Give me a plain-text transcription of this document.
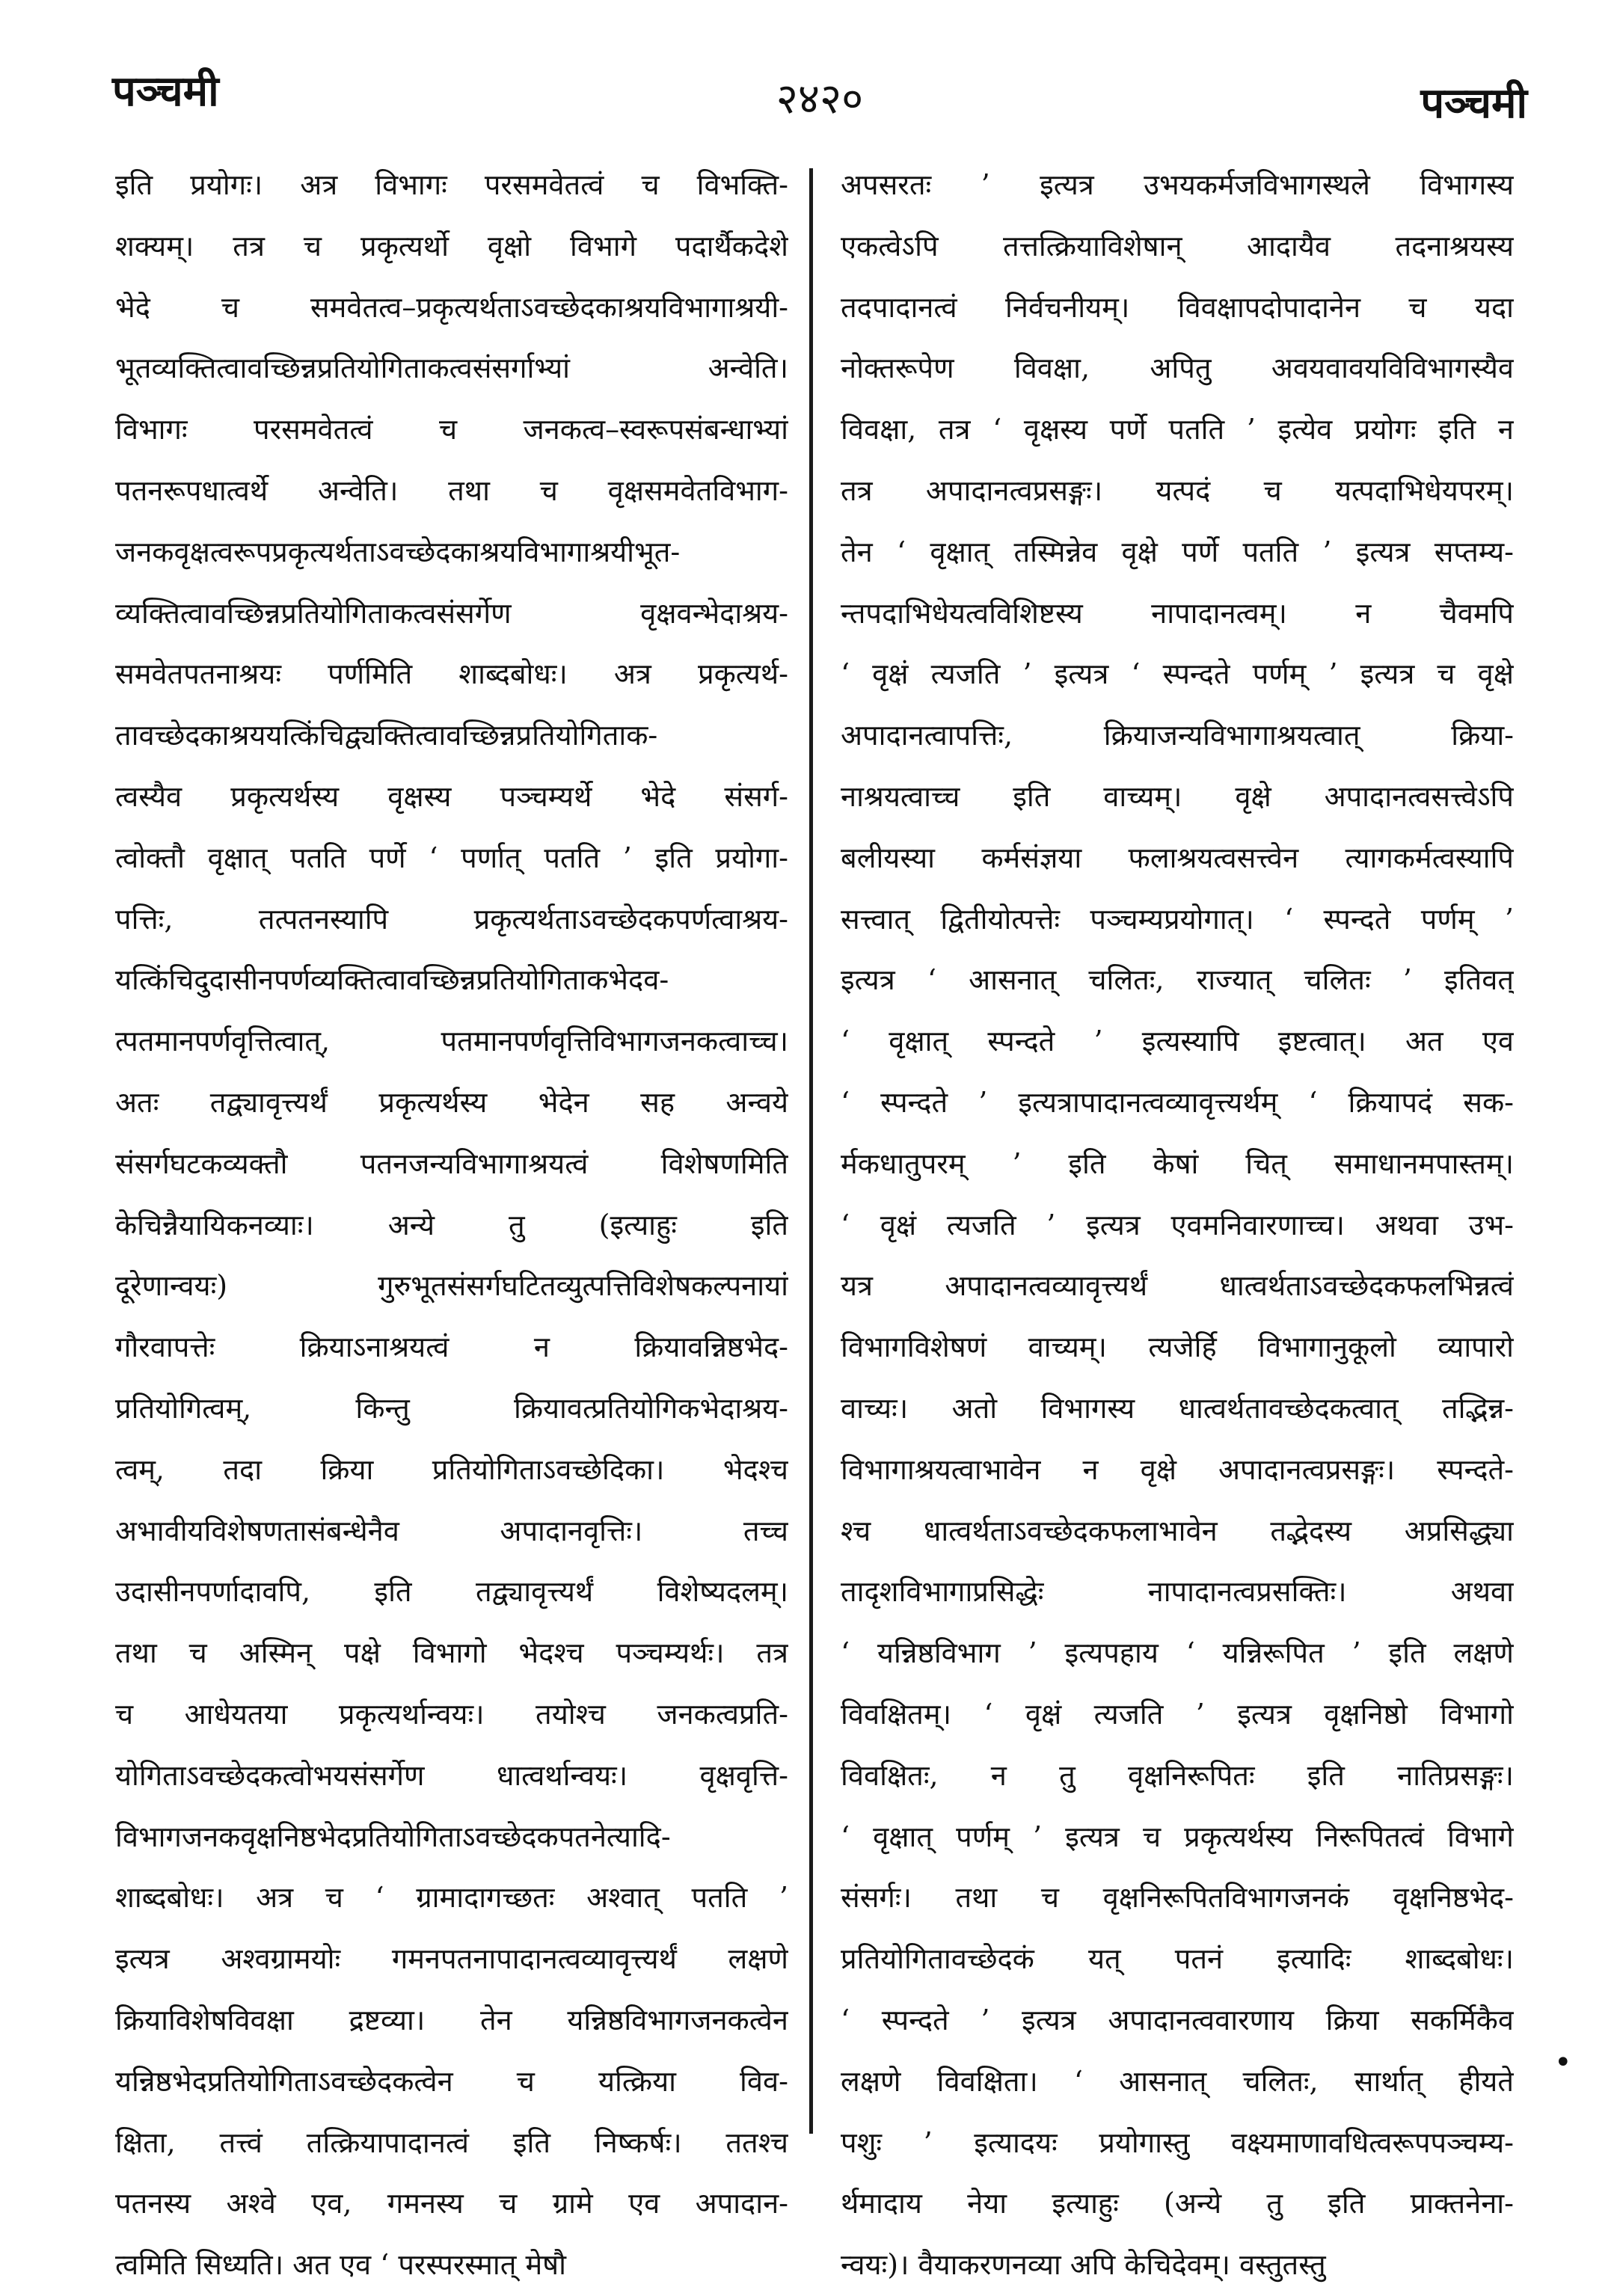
पञ्चमी	२४२०	पञ्चमी
इति प्रयोगः। अत्र विभागः परसमवेतत्वं च विभक्ति-
शक्यम्। तत्र च प्रकृत्यर्थो वृक्षो विभागे पदार्थैकदेशे
भेदे च समवेतत्व–प्रकृत्यर्थताऽवच्छेदकाश्रयविभागाश्रयी-
भूतव्यक्तित्वावच्छिन्नप्रतियोगिताकत्वसंसर्गाभ्यां अन्वेति।
विभागः परसमवेतत्वं च जनकत्व–स्वरूपसंबन्धाभ्यां
पतनरूपधात्वर्थे अन्वेति। तथा च वृक्षसमवेतविभाग-
जनकवृक्षत्वरूपप्रकृत्यर्थताऽवच्छेदकाश्रयविभागाश्रयीभूत-
व्यक्तित्वावच्छिन्नप्रतियोगिताकत्वसंसर्गेण वृक्षवन्भेदाश्रय-
समवेतपतनाश्रयः पर्णमिति शाब्दबोधः। अत्र प्रकृत्यर्थ-
तावच्छेदकाश्रययत्किंचिद्व्यक्तित्वावच्छिन्नप्रतियोगिताक-
त्वस्यैव प्रकृत्यर्थस्य वृक्षस्य पञ्चम्यर्थे भेदे संसर्ग-
त्वोक्तौ वृक्षात् पतति पर्णे ‘ पर्णात् पतति ’ इति प्रयोगा-
पत्तिः, तत्पतनस्यापि प्रकृत्यर्थताऽवच्छेदकपर्णत्वाश्रय-
यत्किंचिदुदासीनपर्णव्यक्तित्वावच्छिन्नप्रतियोगिताकभेदव-
त्पतमानपर्णवृत्तित्वात्, पतमानपर्णवृत्तिविभागजनकत्वाच्च।
अतः तद्व्यावृत्त्यर्थं प्रकृत्यर्थस्य भेदेन सह अन्वये
संसर्गघटकव्यक्तौ पतनजन्यविभागाश्रयत्वं विशेषणमिति
केचिन्नैयायिकनव्याः। अन्ये तु (इत्याहुः इति
दूरेणान्वयः) गुरुभूतसंसर्गघटितव्युत्पत्तिविशेषकल्पनायां
गौरवापत्तेः क्रियाऽनाश्रयत्वं न क्रियावन्निष्ठभेद-
प्रतियोगित्वम्, किन्तु क्रियावत्प्रतियोगिकभेदाश्रय-
त्वम्, तदा क्रिया प्रतियोगिताऽवच्छेदिका। भेदश्च
अभावीयविशेषणतासंबन्धेनैव अपादानवृत्तिः। तच्च
उदासीनपर्णादावपि, इति तद्व्यावृत्त्यर्थं विशेष्यदलम्।
तथा च अस्मिन् पक्षे विभागो भेदश्च पञ्चम्यर्थः। तत्र
च आधेयतया प्रकृत्यर्थान्वयः। तयोश्च जनकत्वप्रति-
योगिताऽवच्छेदकत्वोभयसंसर्गेण धात्वर्थान्वयः। वृक्षवृत्ति-
विभागजनकवृक्षनिष्ठभेदप्रतियोगिताऽवच्छेदकपतनेत्यादि-
शाब्दबोधः। अत्र च ‘ ग्रामादागच्छतः अश्वात् पतति ’
इत्यत्र अश्वग्रामयोः गमनपतनापादानत्वव्यावृत्त्यर्थं लक्षणे
क्रियाविशेषविवक्षा द्रष्टव्या। तेन यन्निष्ठविभागजनकत्वेन
यन्निष्ठभेदप्रतियोगिताऽवच्छेदकत्वेन च यत्क्रिया विव-
क्षिता, तत्त्वं तत्क्रियापादानत्वं इति निष्कर्षः। ततश्च
पतनस्य अश्वे एव, गमनस्य च ग्रामे एव अपादान-
त्वमिति सिध्यति। अत एव ‘ परस्परस्मात् मेषौ
अपसरतः ’ इत्यत्र उभयकर्मजविभागस्थले विभागस्य
एकत्वेऽपि तत्तत्क्रियाविशेषान् आदायैव तदनाश्रयस्य
तदपादानत्वं निर्वचनीयम्। विवक्षापदोपादानेन च यदा
नोक्तरूपेण विवक्षा, अपितु अवयवावयविविभागस्यैव
विवक्षा, तत्र ‘ वृक्षस्य पर्णे पतति ’ इत्येव प्रयोगः इति न
तत्र अपादानत्वप्रसङ्गः। यत्पदं च यत्पदाभिधेयपरम्।
तेन ‘ वृक्षात् तस्मिन्नेव वृक्षे पर्णे पतति ’ इत्यत्र सप्तम्य-
न्तपदाभिधेयत्वविशिष्टस्य नापादानत्वम्। न चैवमपि
‘ वृक्षं त्यजति ’ इत्यत्र ‘ स्पन्दते पर्णम् ’ इत्यत्र च वृक्षे
अपादानत्वापत्तिः, क्रियाजन्यविभागाश्रयत्वात् क्रिया-
नाश्रयत्वाच्च इति वाच्यम्। वृक्षे अपादानत्वसत्त्वेऽपि
बलीयस्या कर्मसंज्ञया फलाश्रयत्वसत्त्वेन त्यागकर्मत्वस्यापि
सत्त्वात् द्वितीयोत्पत्तेः पञ्चम्यप्रयोगात्। ‘ स्पन्दते पर्णम् ’
इत्यत्र ‘ आसनात् चलितः, राज्यात् चलितः ’ इतिवत्
‘ वृक्षात् स्पन्दते ’ इत्यस्यापि इष्टत्वात्। अत एव
‘ स्पन्दते ’ इत्यत्रापादानत्वव्यावृत्त्यर्थम् ‘ क्रियापदं सक-
र्मकधातुपरम् ’ इति केषां चित् समाधानमपास्तम्।
‘ वृक्षं त्यजति ’ इत्यत्र एवमनिवारणाच्च। अथवा उभ-
यत्र अपादानत्वव्यावृत्त्यर्थं धात्वर्थताऽवच्छेदकफलभिन्नत्वं
विभागविशेषणं वाच्यम्। त्यजेर्हि विभागानुकूलो व्यापारो
वाच्यः। अतो विभागस्य धात्वर्थतावच्छेदकत्वात् तद्भिन्न-
विभागाश्रयत्वाभावेन न वृक्षे अपादानत्वप्रसङ्गः। स्पन्दते-
श्च धात्वर्थताऽवच्छेदकफलाभावेन तद्भेदस्य अप्रसिद्ध्या
तादृशविभागाप्रसिद्धेः नापादानत्वप्रसक्तिः। अथवा
‘ यन्निष्ठविभाग ’ इत्यपहाय ‘ यन्निरूपित ’ इति लक्षणे
विवक्षितम्। ‘ वृक्षं त्यजति ’ इत्यत्र वृक्षनिष्ठो विभागो
विवक्षितः, न तु वृक्षनिरूपितः इति नातिप्रसङ्गः।
‘ वृक्षात् पर्णम् ’ इत्यत्र च प्रकृत्यर्थस्य निरूपितत्वं विभागे
संसर्गः। तथा च वृक्षनिरूपितविभागजनकं वृक्षनिष्ठभेद-
प्रतियोगितावच्छेदकं यत् पतनं इत्यादिः शाब्दबोधः।
‘ स्पन्दते ’ इत्यत्र अपादानत्ववारणाय क्रिया सकर्मिकैव
लक्षणे विवक्षिता। ‘ आसनात् चलितः, सार्थात् हीयते
पशुः ’ इत्यादयः प्रयोगास्तु वक्ष्यमाणावधित्वरूपपञ्चम्य-
र्थमादाय नेया इत्याहुः (अन्ये तु इति प्राक्तनेना-
न्वयः)। वैयाकरणनव्या अपि केचिदेवम्। वस्तुतस्तु
•
